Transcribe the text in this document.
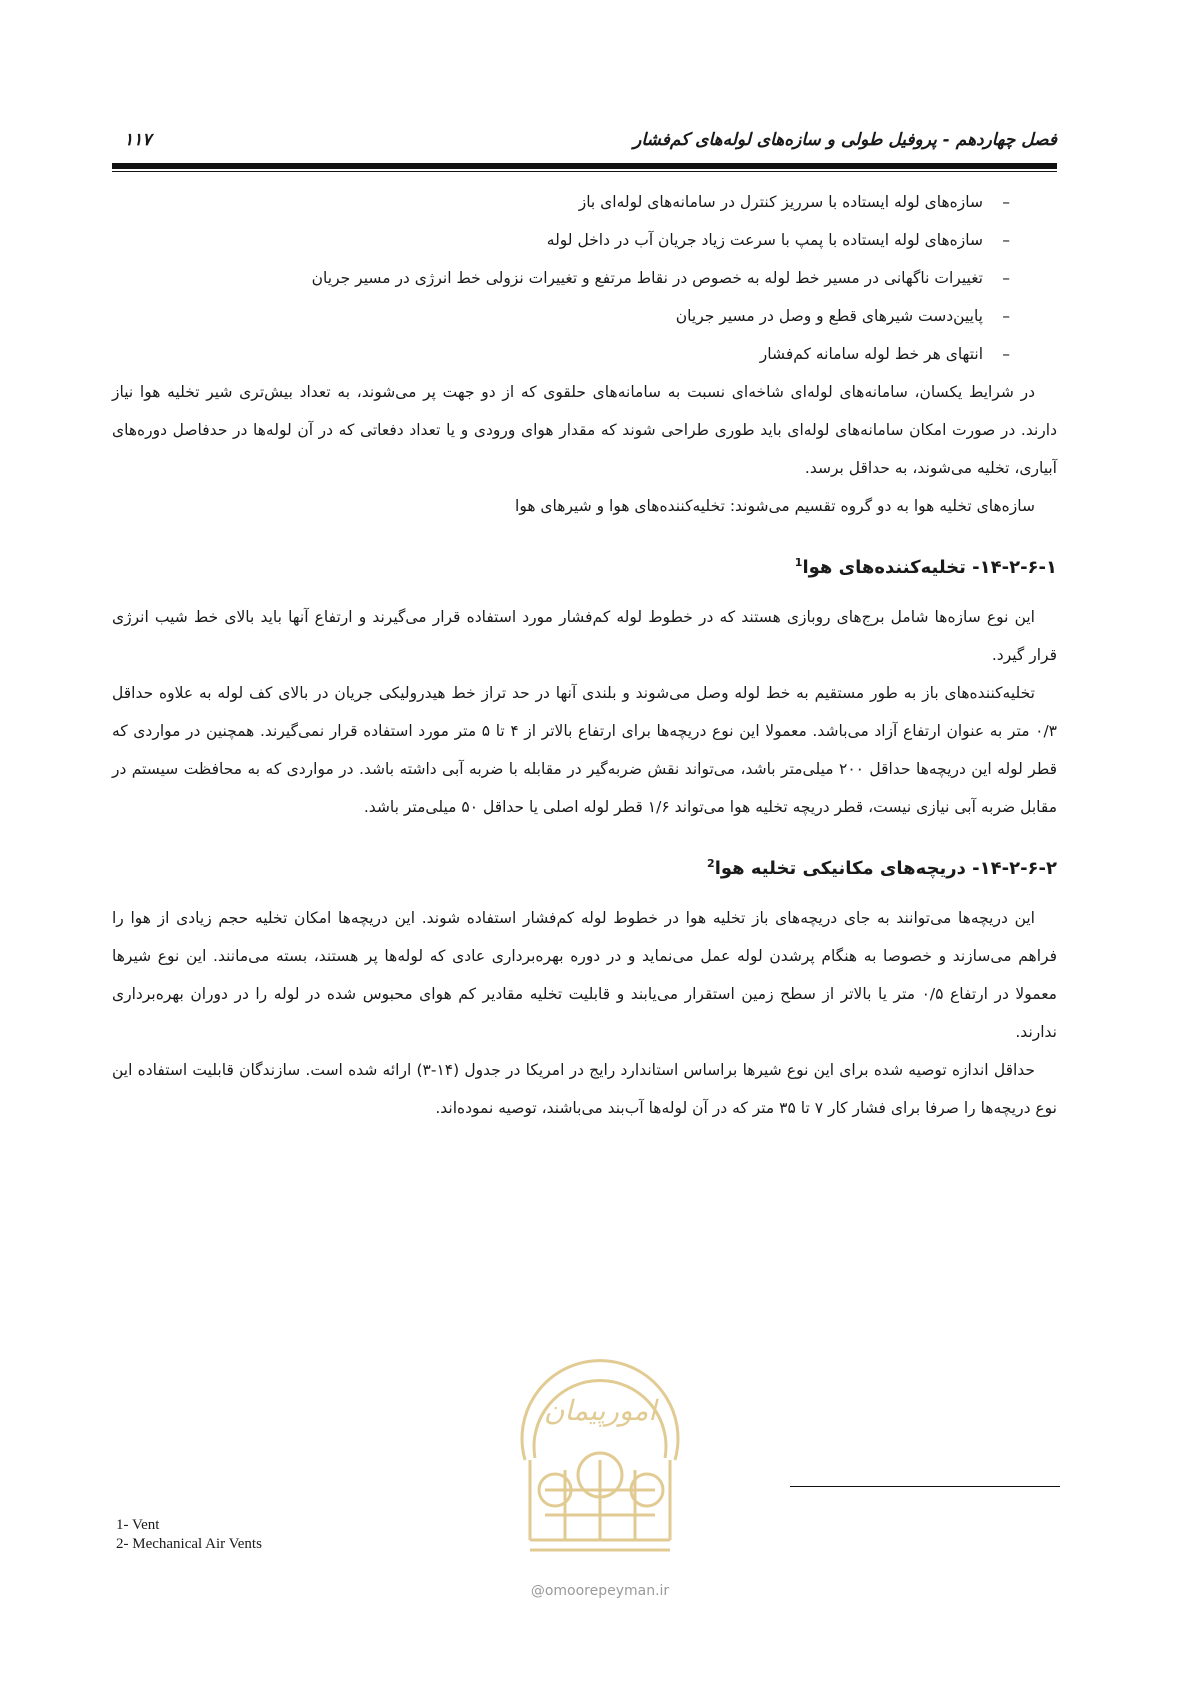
فصل چهاردهم - پروفیل طولی و سازه‌های لوله‌های کم‌فشار
۱۱۷
–
سازه‌های لوله ایستاده با سرریز کنترل در سامانه‌های لوله‌ای باز
–
سازه‌های لوله ایستاده با پمپ با سرعت زیاد جریان آب در داخل لوله
–
تغییرات ناگهانی در مسیر خط لوله به خصوص در نقاط مرتفع و تغییرات نزولی خط انرژی در مسیر جریان
–
پایین‌دست شیرهای قطع و وصل در مسیر جریان
–
انتهای هر خط لوله سامانه کم‌فشار

در شرایط یکسان، سامانه‌های لوله‌ای شاخه‌ای نسبت به سامانه‌های حلقوی که از دو جهت پر می‌شوند، به تعداد بیش‌تری شیر تخلیه هوا نیاز دارند. در صورت امکان سامانه‌های لوله‌ای باید طوری طراحی شوند که مقدار هوای ورودی و یا تعداد دفعاتی که در آن لوله‌ها در حدفاصل دوره‌های آبیاری، تخلیه می‌شوند، به حداقل برسد.

سازه‌های تخلیه هوا به دو گروه تقسیم می‌شوند: تخلیه‌کننده‌های هوا و شیرهای هوا

۱۴-۲-۶-۱- تخلیه‌کننده‌های هوا$^1$

این نوع سازه‌ها شامل برج‌های روبازی هستند که در خطوط لوله کم‌فشار مورد استفاده قرار می‌گیرند و ارتفاع آنها باید بالای خط شیب انرژی قرار گیرد.

تخلیه‌کننده‌های باز به طور مستقیم به خط لوله وصل می‌شوند و بلندی آنها در حد تراز خط هیدرولیکی جریان در بالای کف لوله به علاوه حداقل ۰/۳ متر به عنوان ارتفاع آزاد می‌باشد. معمولا این نوع دریچه‌ها برای ارتفاع بالاتر از ۴ تا ۵ متر مورد استفاده قرار نمی‌گیرند. همچنین در مواردی که قطر لوله این دریچه‌ها حداقل ۲۰۰ میلی‌متر باشد، می‌تواند نقش ضربه‌گیر در مقابله با ضربه آبی داشته باشد. در مواردی که به محافظت سیستم در مقابل ضربه آبی نیازی نیست، قطر دریچه تخلیه هوا می‌تواند ۱/۶ قطر لوله اصلی یا حداقل ۵۰ میلی‌متر باشد.

۱۴-۲-۶-۲- دریچه‌های مکانیکی تخلیه هوا$^2$

این دریچه‌ها می‌توانند به جای دریچه‌های باز تخلیه هوا در خطوط لوله کم‌فشار استفاده شوند. این دریچه‌ها امکان تخلیه حجم زیادی از هوا را فراهم می‌سازند و خصوصا به هنگام پرشدن لوله عمل می‌نماید و در دوره بهره‌برداری عادی که لوله‌ها پر هستند، بسته می‌مانند. این نوع شیرها معمولا در ارتفاع ۰/۵ متر یا بالاتر از سطح زمین استقرار می‌یابند و قابلیت تخلیه مقادیر کم هوای محبوس شده در لوله را در دوران بهره‌برداری ندارند.

حداقل اندازه توصیه شده برای این نوع شیرها براساس استاندارد رایج در امریکا در جدول (۱۴-۳) ارائه شده است. سازندگان قابلیت استفاده این نوع دریچه‌ها را صرفا برای فشار کار ۷ تا ۳۵ متر که در آن لوله‌ها آب‌بند می‌باشند، توصیه نموده‌اند.

امورپیمان
@omoorepeyman.ir
1- Vent
2- Mechanical Air Vents
